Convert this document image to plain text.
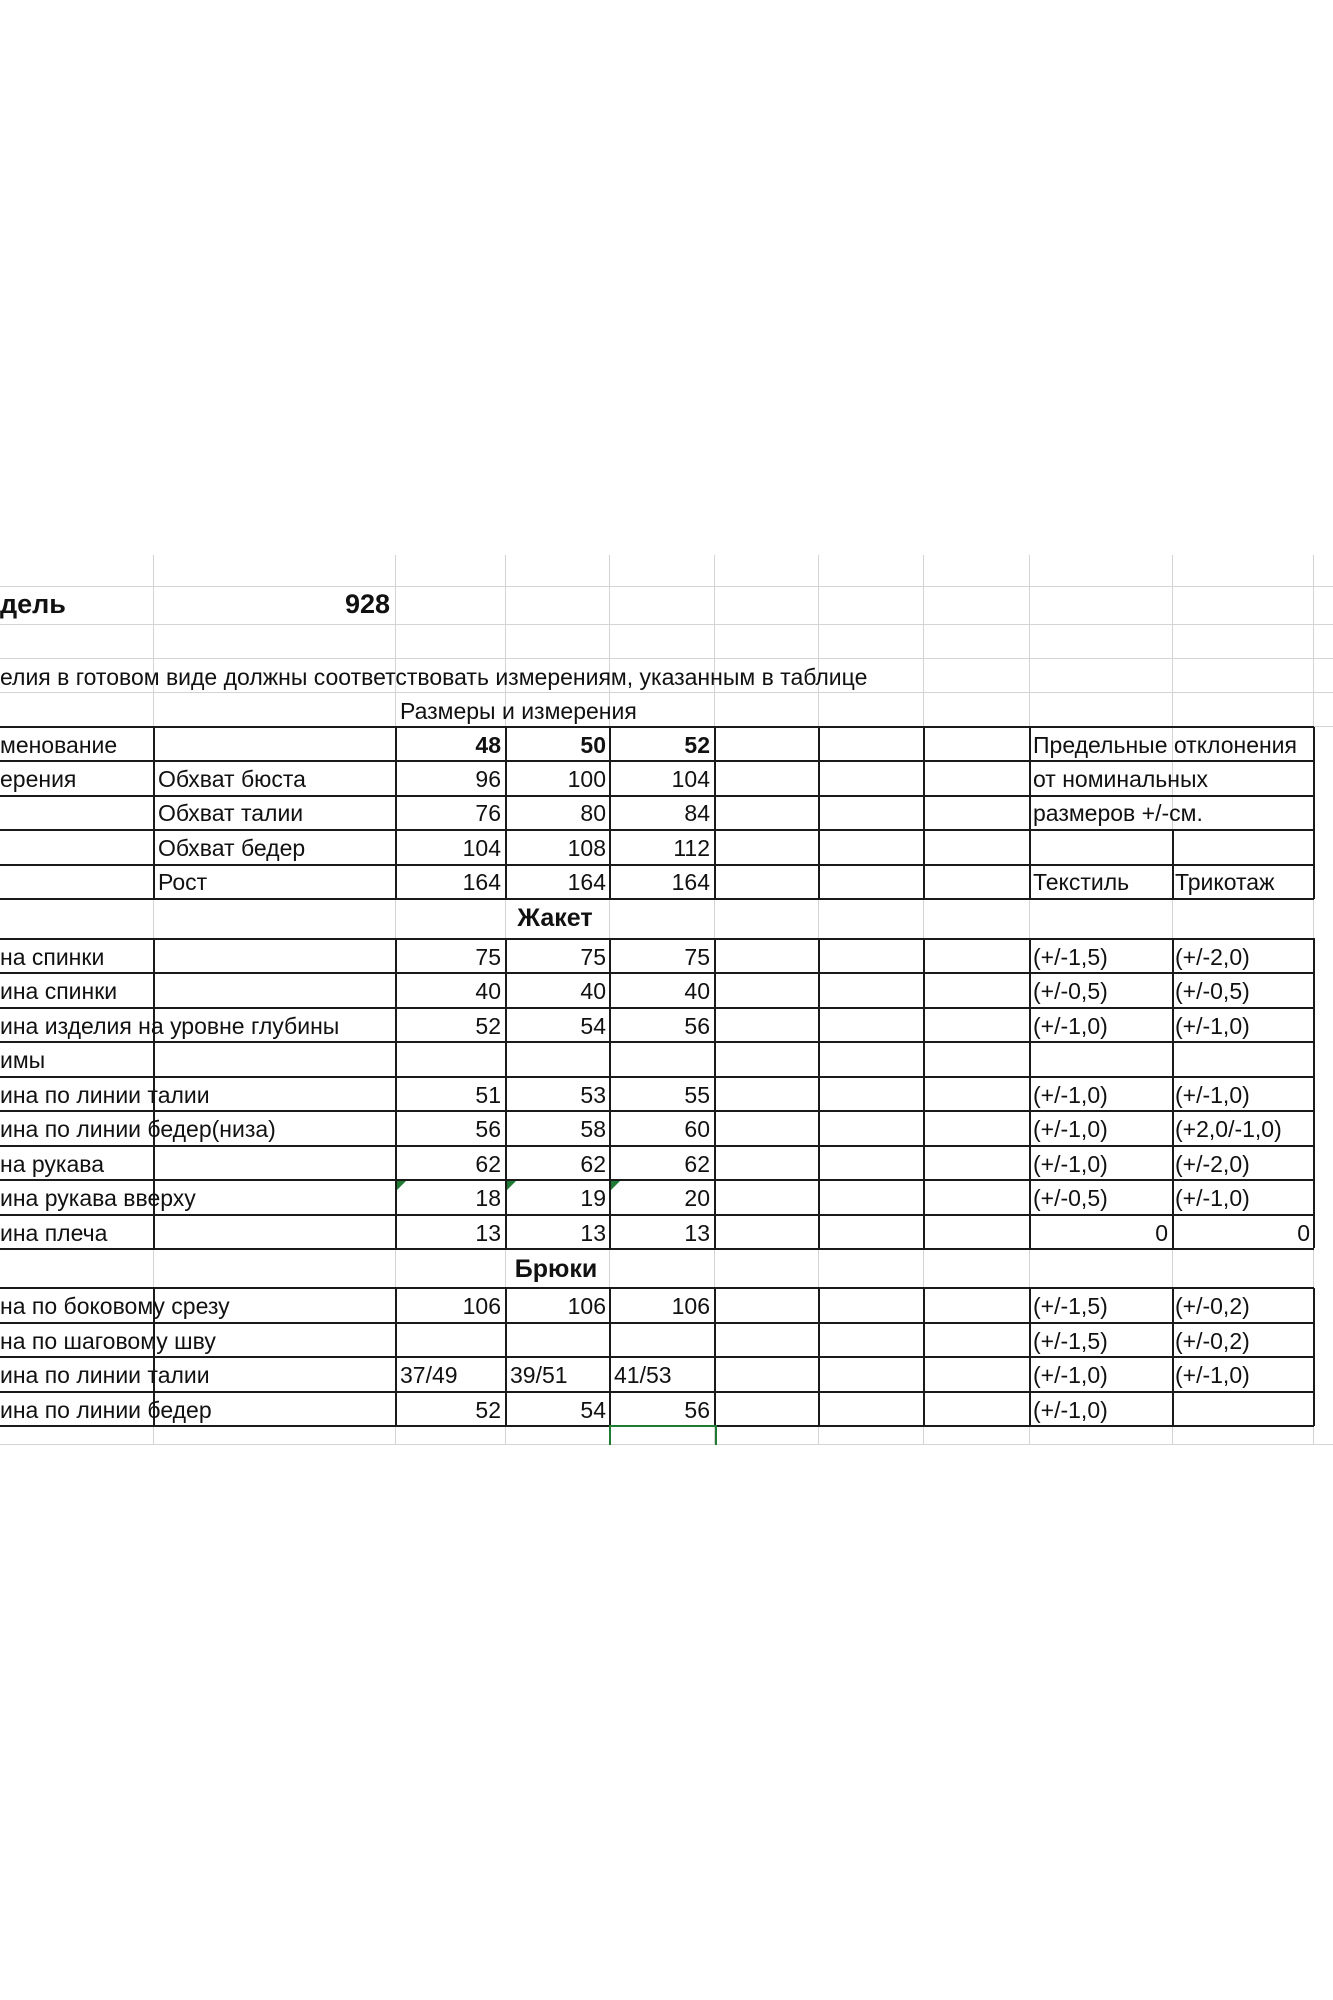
дель	928
елия в готовом виде должны соответствовать измерениям, указанным в таблице
Размеры и измерения
менование	48	50	52	Предельные отклонения
ерения	Обхват бюста	96	100	104	от номинальных
Обхват талии	76	80	84	размеров +/-см.
Обхват бедер	104	108	112
Рост	164	164	164	Текстиль Трикотаж
Жакет
на спинки	75	75	75	(+/-1,5)	(+/-2,0)
ина спинки	40	40	40	(+/-0,5)	(+/-0,5)
ина изделия на уровне глубины	52	54	56	(+/-1,0)	(+/-1,0)
имы
ина по линии талии	51	53	55	(+/-1,0)	(+/-1,0)
ина по линии бедер(низа)	56	58	60	(+/-1,0)	(+2,0/-1,0)
на рукава	62	62	62	(+/-1,0)	(+/-2,0)
ина рукава вверху	18	19	20	(+/-0,5)	(+/-1,0)
ина плеча	13	13	13	0	0
Брюки
на по боковому срезу	106	106	106	(+/-1,5)	(+/-0,2)
на по шаговому шву	(+/-1,5)	(+/-0,2)
ина по линии талии	37/49 39/51 41/53	(+/-1,0)	(+/-1,0)
ина по линии бедер	52	54	56	(+/-1,0)
